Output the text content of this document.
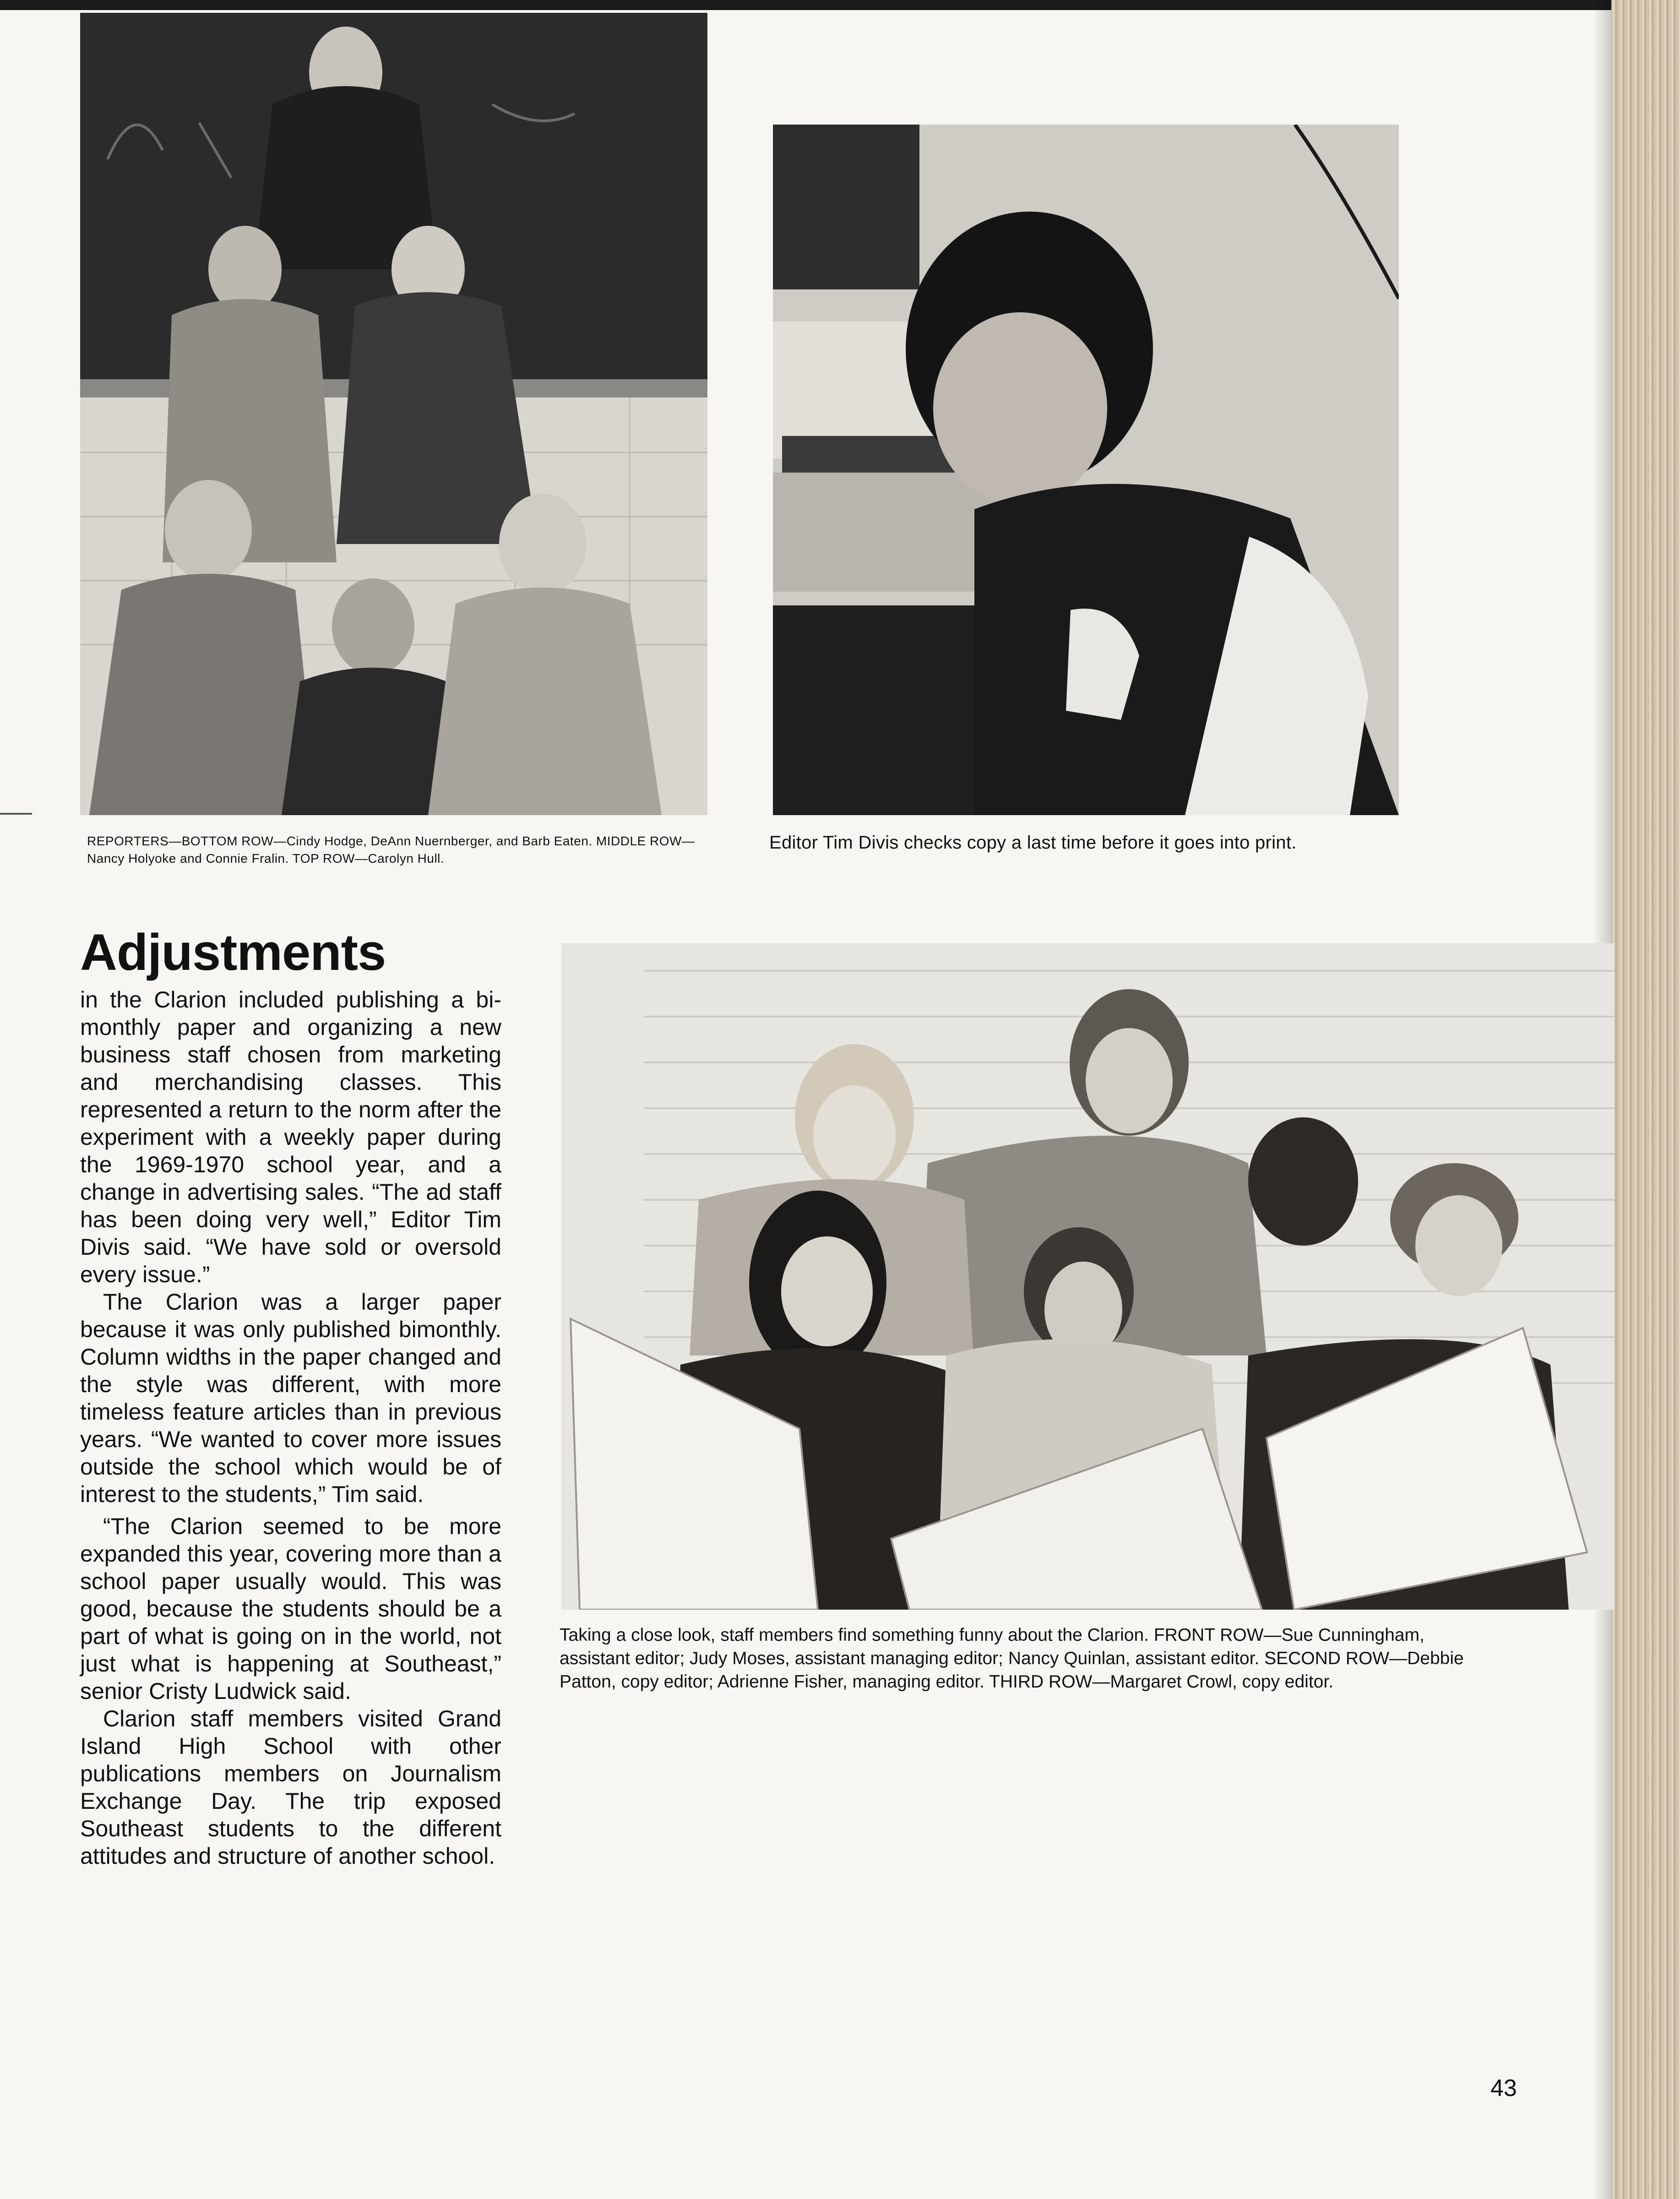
REPORTERS—BOTTOM ROW—Cindy Hodge, DeAnn Nuernberger, and Barb Eaten. MIDDLE ROW—Nancy Holyoke and Connie Fralin. TOP ROW—Carolyn Hull.
Editor Tim Divis checks copy a last time before it goes into print.
Adjustments

in the Clarion included publishing a bi-monthly paper and organizing a new business staff chosen from marketing and merchandising classes. This represented a return to the norm after the experiment with a weekly paper during the 1969-1970 school year, and a change in advertising sales. “The ad staff has been doing very well,” Editor Tim Divis said. “We have sold or oversold every issue.”

The Clarion was a larger paper because it was only published bimonthly. Column widths in the paper changed and the style was different, with more timeless feature articles than in previous years. “We wanted to cover more issues outside the school which would be of interest to the students,” Tim said.

“The Clarion seemed to be more expanded this year, covering more than a school paper usually would. This was good, because the students should be a part of what is going on in the world, not just what is happening at Southeast,” senior Cristy Ludwick said.

Clarion staff members visited Grand Island High School with other publications members on Journalism Exchange Day. The trip exposed Southeast students to the different attitudes and structure of another school.

Taking a close look, staff members find something funny about the Clarion. FRONT ROW—Sue Cunningham, assistant editor; Judy Moses, assistant managing editor; Nancy Quinlan, assistant editor. SECOND ROW—Debbie Patton, copy editor; Adrienne Fisher, managing editor. THIRD ROW—Margaret Crowl, copy editor.
43
